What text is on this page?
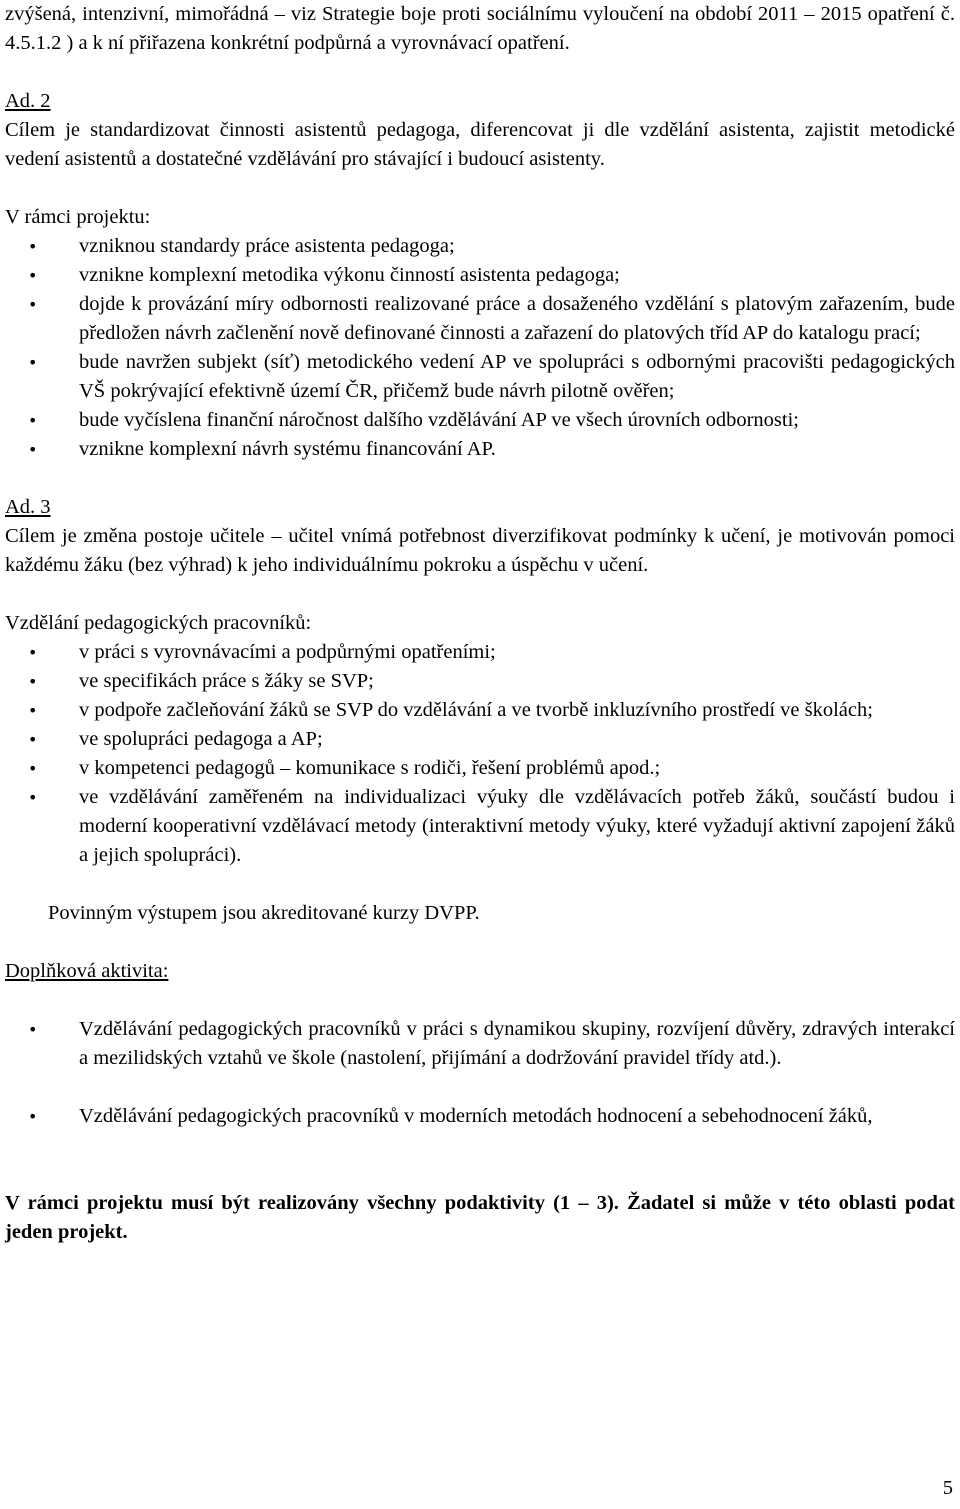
zvýšená, intenzivní, mimořádná – viz Strategie boje proti sociálnímu vyloučení na období 2011 – 2015 opatření č. 4.5.1.2 ) a k ní přiřazena konkrétní podpůrná a vyrovnávací opatření.

Ad. 2

Cílem je standardizovat činnosti asistentů pedagoga, diferencovat ji dle vzdělání asistenta, zajistit metodické vedení asistentů a dostatečné vzdělávání pro stávající i budoucí asistenty.

V rámci projektu:

• vzniknou standardy práce asistenta pedagoga;
• vznikne komplexní metodika výkonu činností asistenta pedagoga;
• dojde k provázání míry odbornosti realizované práce a dosaženého vzdělání s platovým zařazením, bude předložen návrh začlenění nově definované činnosti a zařazení do platových tříd AP do katalogu prací;
• bude navržen subjekt (síť) metodického vedení AP ve spolupráci s odbornými pracovišti pedagogických VŠ pokrývající efektivně území ČR, přičemž bude návrh pilotně ověřen;
• bude vyčíslena finanční náročnost dalšího vzdělávání AP ve všech úrovních odbornosti;
• vznikne komplexní návrh systému financování AP.

Ad. 3

Cílem je změna postoje učitele – učitel vnímá potřebnost diverzifikovat podmínky k učení, je motivován pomoci každému žáku (bez výhrad) k jeho individuálnímu pokroku a úspěchu v učení.

Vzdělání pedagogických pracovníků:

• v práci s vyrovnávacími a podpůrnými opatřeními;
• ve specifikách práce s žáky se SVP;
• v podpoře začleňování žáků se SVP do vzdělávání a ve tvorbě inkluzívního prostředí ve školách;
• ve spolupráci pedagoga a AP;
• v kompetenci pedagogů – komunikace s rodiči, řešení problémů apod.;
• ve vzdělávání zaměřeném na individualizaci výuky dle vzdělávacích potřeb žáků, součástí budou i moderní kooperativní vzdělávací metody (interaktivní metody výuky, které vyžadují aktivní zapojení žáků a jejich spolupráci).

Povinným výstupem jsou akreditované kurzy DVPP.

Doplňková aktivita:

• Vzdělávání pedagogických pracovníků v práci s dynamikou skupiny, rozvíjení důvěry, zdravých interakcí a mezilidských vztahů ve škole (nastolení, přijímání a dodržování pravidel třídy atd.).
• Vzdělávání pedagogických pracovníků v moderních metodách hodnocení a sebehodnocení žáků,

V rámci projektu musí být realizovány všechny podaktivity (1 – 3). Žadatel si může v této oblasti podat jeden projekt.

5
